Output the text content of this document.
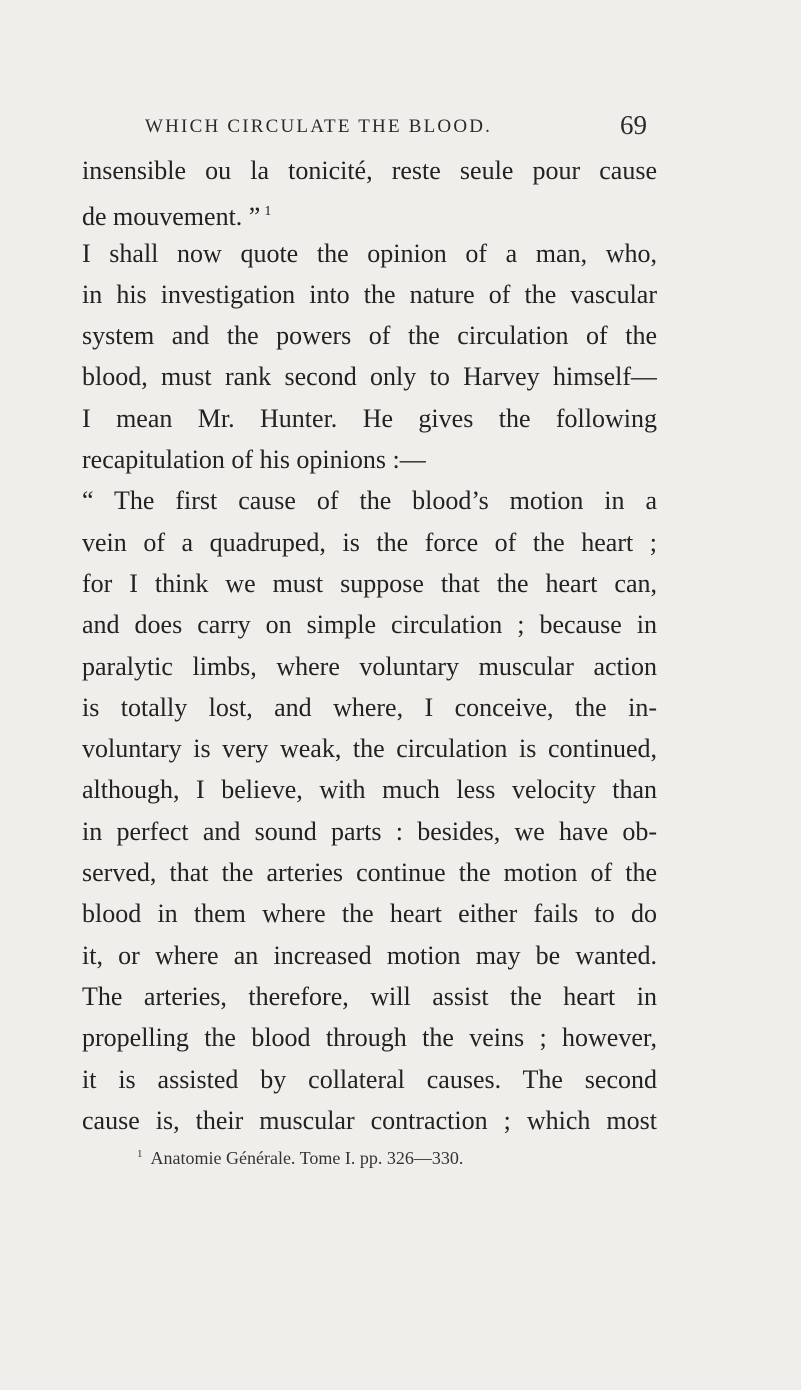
WHICH CIRCULATE THE BLOOD.	69
insensible ou la tonicité, reste seule pour cause
de mouvement. ” $^1$
I shall now quote the opinion of a man, who,
in his investigation into the nature of the vascular
system and the powers of the circulation of the
blood, must rank second only to Harvey himself—
I mean Mr. Hunter. He gives the following
recapitulation of his opinions :—
“ The first cause of the blood’s motion in a
vein of a quadruped, is the force of the heart ;
for I think we must suppose that the heart can,
and does carry on simple circulation ; because in
paralytic limbs, where voluntary muscular action
is totally lost, and where, I conceive, the in-
voluntary is very weak, the circulation is continued,
although, I believe, with much less velocity than
in perfect and sound parts : besides, we have ob-
served, that the arteries continue the motion of the
blood in them where the heart either fails to do
it, or where an increased motion may be wanted.
The arteries, therefore, will assist the heart in
propelling the blood through the veins ; however,
it is assisted by collateral causes. The second
cause is, their muscular contraction ; which most
$^1$ Anatomie Générale. Tome I. pp. 326—330.
